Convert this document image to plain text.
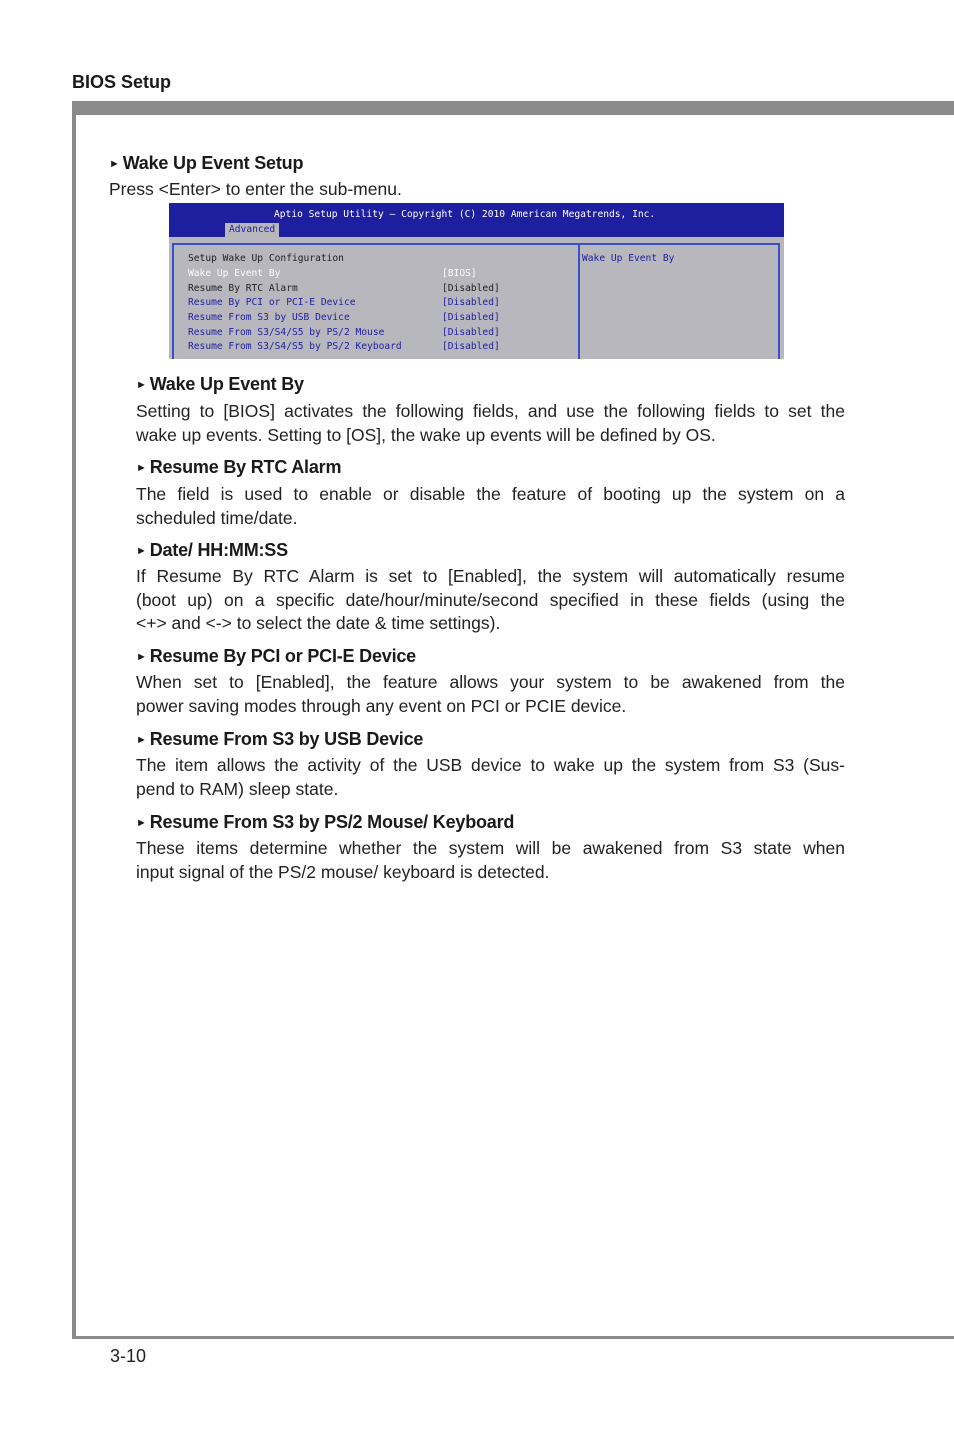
BIOS Setup
► Wake Up Event Setup
Press <Enter> to enter the sub-menu.
Aptio Setup Utility – Copyright (C) 2010 American Megatrends, Inc.
Advanced
Setup Wake Up Configuration
Wake Up Event By	[BIOS]
Resume By RTC Alarm	[Disabled]
Resume By PCI or PCI-E Device	[Disabled]
Resume From S3 by USB Device	[Disabled]
Resume From S3/S4/S5 by PS/2 Mouse	[Disabled]
Resume From S3/S4/S5 by PS/2 Keyboard	[Disabled]
Wake Up Event By
► Wake Up Event By
Setting to [BIOS] activates the following fields, and use the following fields to set the
wake up events. Setting to [OS], the wake up events will be defined by OS.
► Resume By RTC Alarm
The field is used to enable or disable the feature of booting up the system on a
scheduled time/date.
► Date/ HH:MM:SS
If Resume By RTC Alarm is set to [Enabled], the system will automatically resume
(boot up) on a specific date/hour/minute/second specified in these fields (using the
<+> and <-> to select the date & time settings).
► Resume By PCI or PCI-E Device
When set to [Enabled], the feature allows your system to be awakened from the
power saving modes through any event on PCI or PCIE device.
► Resume From S3 by USB Device
The item allows the activity of the USB device to wake up the system from S3 (Sus-
pend to RAM) sleep state.
► Resume From S3 by PS/2 Mouse/ Keyboard
These items determine whether the system will be awakened from S3 state when
input signal of the PS/2 mouse/ keyboard is detected.
3-10
